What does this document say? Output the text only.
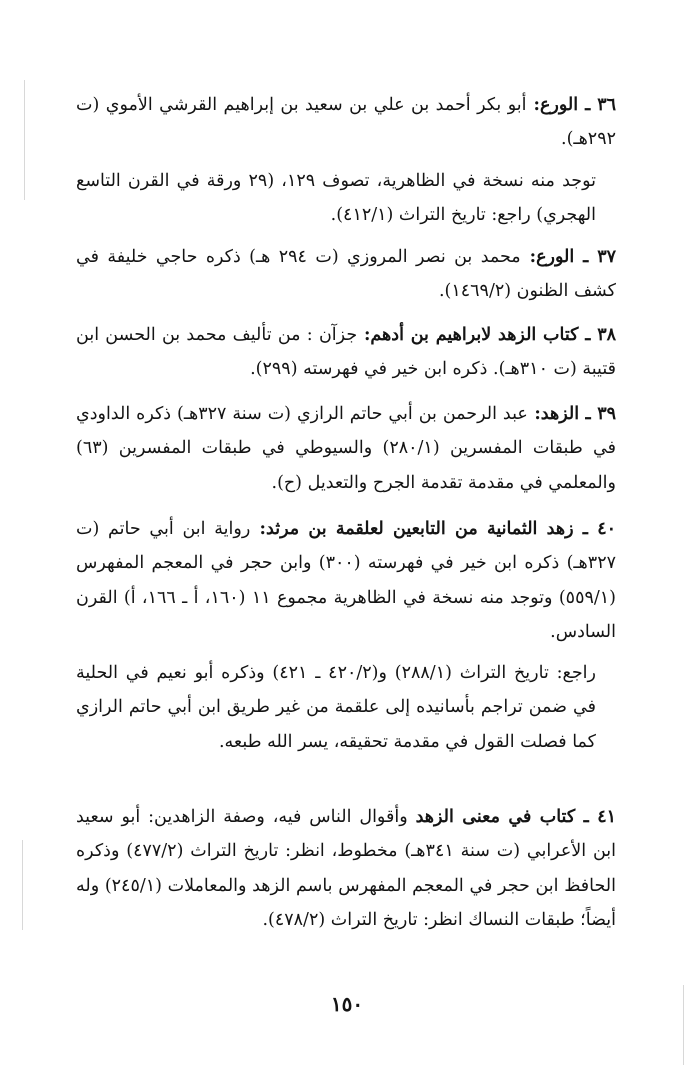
٣٦ ـ الورع: أبو بكر أحمد بن علي بن سعيد بن إبراهيم القرشي الأموي (ت ٢٩٢هـ).
توجد منه نسخة في الظاهرية، تصوف ١٢٩، (٢٩ ورقة في القرن التاسع الهجري) راجع: تاريخ التراث (٤١٢/١).
٣٧ ـ الورع: محمد بن نصر المروزي (ت ٢٩٤ هـ) ذكره حاجي خليفة في كشف الظنون (١٤٦٩/٢).
٣٨ ـ كتاب الزهد لابراهيم بن أدهم: جزآن : من تأليف محمد بن الحسن ابن قتيبة (ت ٣١٠هـ). ذكره ابن خير في فهرسته (٢٩٩).
٣٩ ـ الزهد: عبد الرحمن بن أبي حاتم الرازي (ت سنة ٣٢٧هـ) ذكره الداودي في طبقات المفسرين (٢٨٠/١) والسيوطي في طبقات المفسرين (٦٣) والمعلمي في مقدمة تقدمة الجرح والتعديل (ح).
٤٠ ـ زهد الثمانية من التابعين لعلقمة بن مرثد: رواية ابن أبي حاتم (ت ٣٢٧هـ) ذكره ابن خير في فهرسته (٣٠٠) وابن حجر في المعجم المفهرس (٥٥٩/١) وتوجد منه نسخة في الظاهرية مجموع ١١ (١٦٠، أ ـ ١٦٦، أ) القرن السادس.
راجع: تاريخ التراث (٢٨٨/١) و(٤٢٠/٢ ـ ٤٢١) وذكره أبو نعيم في الحلية في ضمن تراجم بأسانيده إلى علقمة من غير طريق ابن أبي حاتم الرازي كما فصلت القول في مقدمة تحقيقه، يسر الله طبعه.
٤١ ـ كتاب في معنى الزهد وأقوال الناس فيه، وصفة الزاهدين: أبو سعيد ابن الأعرابي (ت سنة ٣٤١هـ) مخطوط، انظر: تاريخ التراث (٤٧٧/٢) وذكره الحافظ ابن حجر في المعجم المفهرس باسم الزهد والمعاملات (٢٤٥/١) وله أيضاً؛ طبقات النساك انظر: تاريخ التراث (٤٧٨/٢).
١٥٠
